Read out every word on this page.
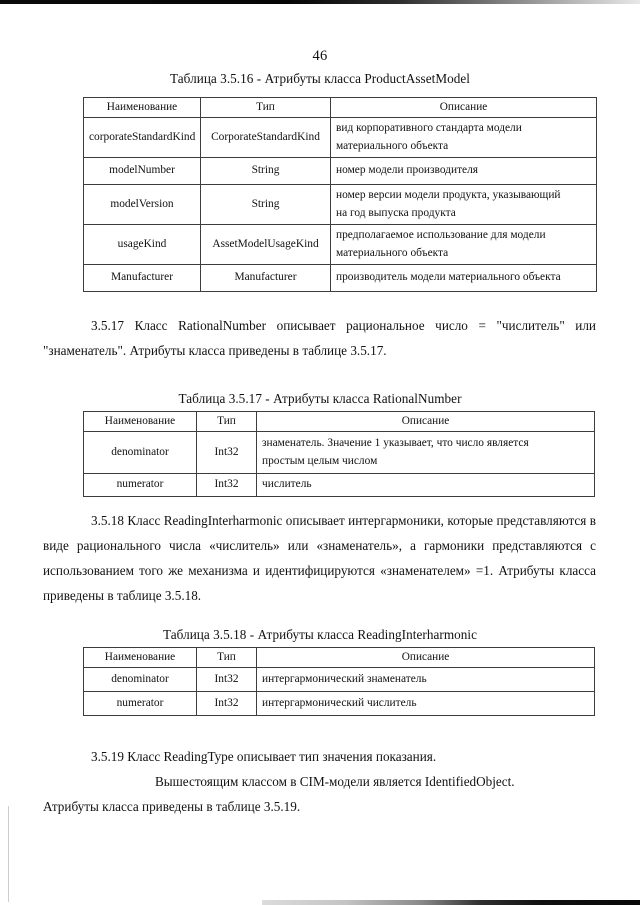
46
Таблица 3.5.16 - Атрибуты класса ProductAssetModel
Наименование	Тип	Описание
corporateStandardKind	CorporateStandardKind	вид корпоративного стандарта модели
материального объекта

modelNumber	String	номер модели производителя

modelVersion	String	номер версии модели продукта, указывающий
на год выпуска продукта

usageKind	AssetModelUsageKind	предполагаемое использование для модели
материального объекта

Manufacturer	Manufacturer	производитель модели материального объекта
3.5.17 Класс RationalNumber описывает рациональное число = "числитель" или "знаменатель". Атрибуты класса приведены в таблице 3.5.17.
Таблица 3.5.17 - Атрибуты класса RationalNumber
Наименование	Тип	Описание
denominator	Int32	знаменатель. Значение 1 указывает, что число является
простым целым числом

numerator	Int32	числитель
3.5.18 Класс ReadingInterharmonic описывает интергармоники, которые представляются в виде рационального числа «числитель» или «знаменатель», а гармоники представляются с использованием того же механизма и идентифицируются «знаменателем» =1. Атрибуты класса приведены в таблице 3.5.18.
Таблица 3.5.18 - Атрибуты класса ReadingInterharmonic
Наименование	Тип	Описание
denominator	Int32	интергармонический знаменатель

numerator	Int32	интергармонический числитель
3.5.19 Класс ReadingType описывает тип значения показания.
Вышестоящим классом в CIM-модели является IdentifiedObject.
Атрибуты класса приведены в таблице 3.5.19.
